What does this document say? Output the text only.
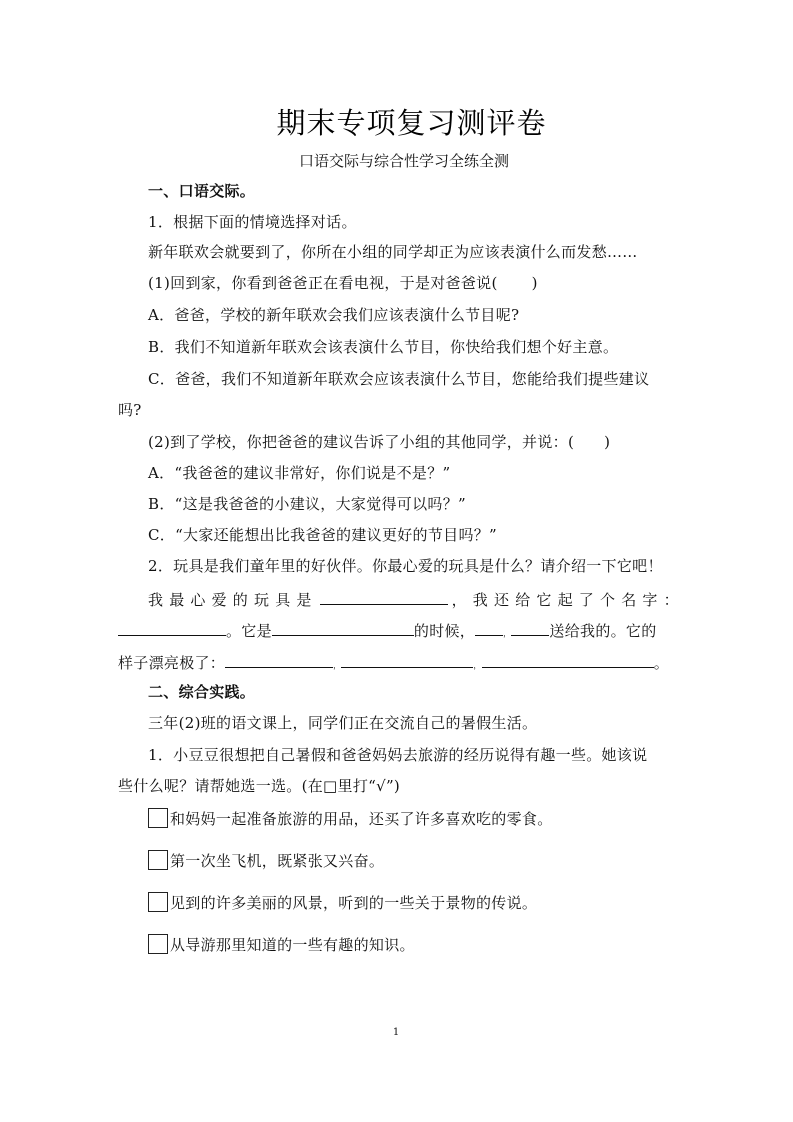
期末专项复习测评卷
口语交际与综合性学习全练全测
一、口语交际。
1．根据下面的情境选择对话。
新年联欢会就要到了，你所在小组的同学却正为应该表演什么而发愁……
(1)回到家，你看到爸爸正在看电视，于是对爸爸说( )
A．爸爸，学校的新年联欢会我们应该表演什么节目呢?
B．我们不知道新年联欢会该表演什么节目，你快给我们想个好主意。
C．爸爸，我们不知道新年联欢会应该表演什么节目，您能给我们提些建议
吗?
(2)到了学校，你把爸爸的建议告诉了小组的其他同学，并说：( )
A．“我爸爸的建议非常好，你们说是不是？”
B．“这是我爸爸的小建议，大家觉得可以吗？”
C．“大家还能想出比我爸爸的建议更好的节目吗？”
2．玩具是我们童年里的好伙伴。你最心爱的玩具是什么？请介绍一下它吧！
我最心爱的玩具是	，我还给它起了个名字：
。它是	的时候，	，	送给我的。它的
样子漂亮极了：	，	，	。
二、综合实践。
三年(2)班的语文课上，同学们正在交流自己的暑假生活。
1．小豆豆很想把自己暑假和爸爸妈妈去旅游的经历说得有趣一些。她该说
些什么呢？请帮她选一选。(在□里打“√”)
和妈妈一起准备旅游的用品，还买了许多喜欢吃的零食。
第一次坐飞机，既紧张又兴奋。
见到的许多美丽的风景，听到的一些关于景物的传说。
从导游那里知道的一些有趣的知识。
1
